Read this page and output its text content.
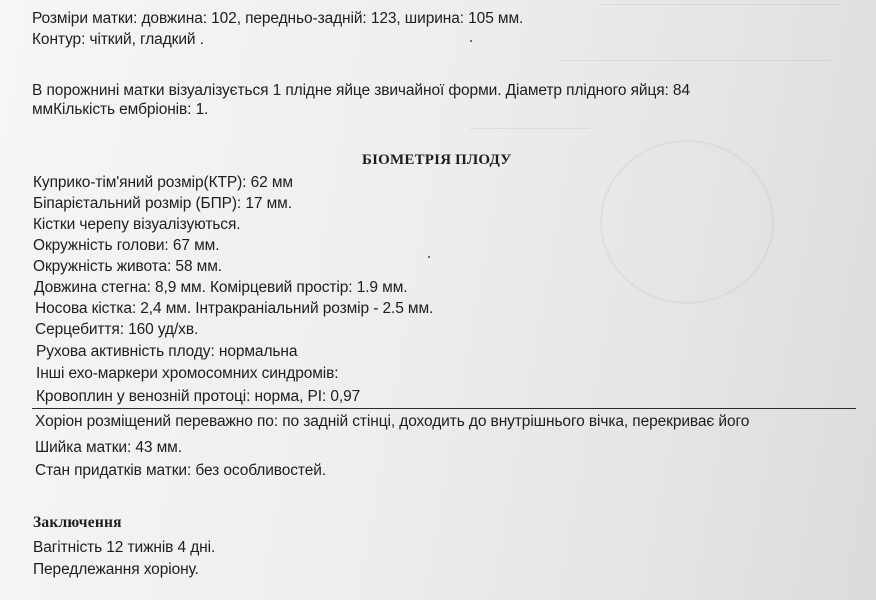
Розміри матки: довжина: 102, передньо-задній: 123, ширина: 105 мм.
Контур: чіткий, гладкий .
В порожнині матки візуалізується 1 плідне яйце звичайної форми. Діаметр плідного яйця: 84
ммКількість ембріонів: 1.
БІОМЕТРІЯ ПЛОДУ
Куприко-тім'яний розмір(КТР): 62 мм
Біпарієтальний розмір (БПР): 17 мм.
Кістки черепу візуалізуються.
Окружність голови: 67 мм.
Окружність живота: 58 мм.
Довжина стегна: 8,9 мм. Комірцевий простір: 1.9 мм.
Носова кістка: 2,4 мм. Інтракраніальний розмір - 2.5 мм.
Серцебиття: 160 уд/хв.
Рухова активність плоду: нормальна
Інші ехо-маркери хромосомних синдромів:
Кровоплин у венозній протоці: норма, PI: 0,97
Хоріон розміщений переважно по: по задній стінці, доходить до внутрішнього вічка, перекриває його
Шийка матки: 43 мм.
Стан придатків матки: без особливостей.
Заключення
Вагітність 12 тижнів 4 дні.
Передлежання хоріону.
